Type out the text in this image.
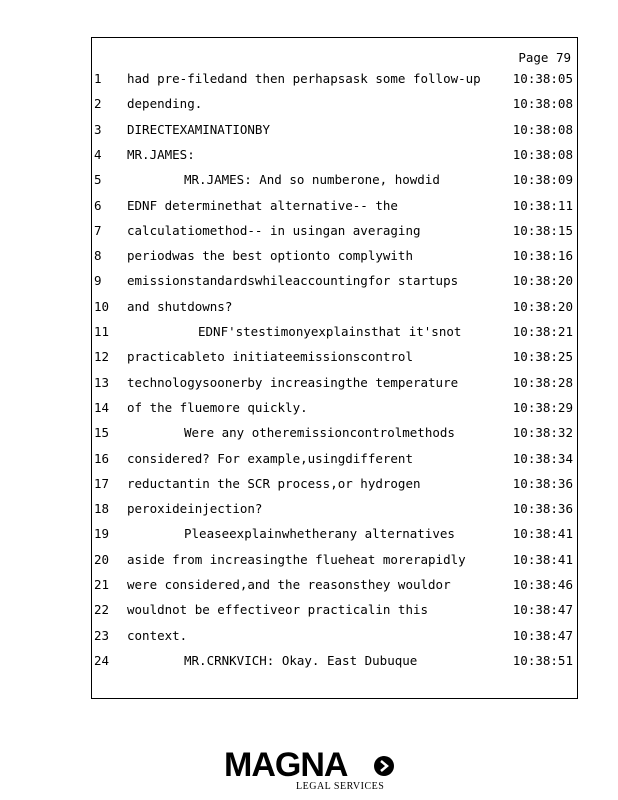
Page 79
1	had pre-filedand then perhapsask some follow-up	10:38:05
2	depending.	10:38:08
3	DIRECTEXAMINATIONBY	10:38:08
4	MR.JAMES:	10:38:08
5	MR.JAMES: And so numberone, howdid	10:38:09
6	EDNF determinethat alternative-- the	10:38:11
7	calculatiomethod-- in usingan averaging	10:38:15
8	periodwas the best optionto complywith	10:38:16
9	emissionstandardswhileaccountingfor startups	10:38:20
10	and shutdowns?	10:38:20
11	EDNF'stestimonyexplainsthat it'snot	10:38:21
12	practicableto initiateemissionscontrol	10:38:25
13	technologysoonerby increasingthe temperature	10:38:28
14	of the fluemore quickly.	10:38:29
15	Were any otheremissioncontrolmethods	10:38:32
16	considered? For example,usingdifferent	10:38:34
17	reductantin the SCR process,or hydrogen	10:38:36
18	peroxideinjection?	10:38:36
19	Pleaseexplainwhetherany alternatives	10:38:41
20	aside from increasingthe flueheat morerapidly	10:38:41
21	were considered,and the reasonsthey wouldor	10:38:46
22	wouldnot be effectiveor practicalin this	10:38:47
23	context.	10:38:47
24	MR.CRNKVICH: Okay. East Dubuque	10:38:51
MAGNA
LEGAL SERVICES
